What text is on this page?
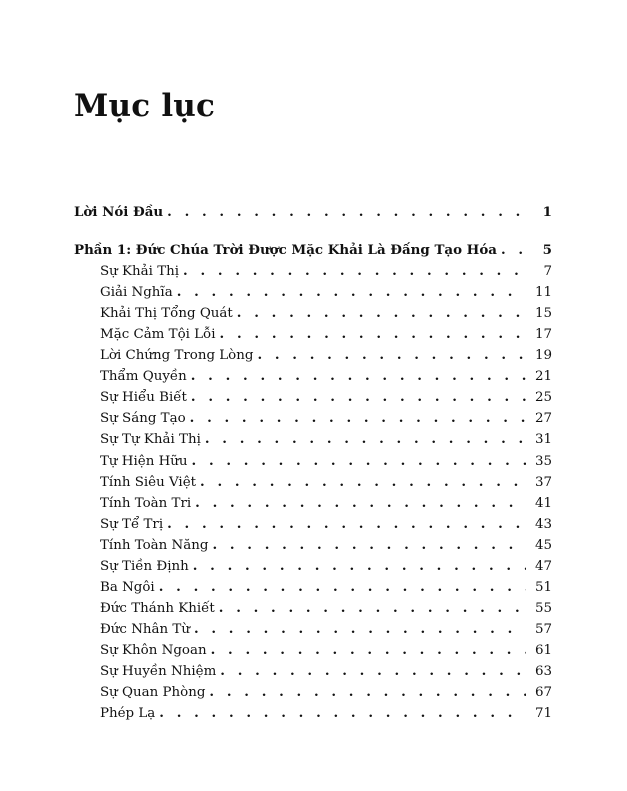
Mục lục
Lời Nói Đầu . . .	1
Phần 1: Đức Chúa Trời Được Mặc Khải Là Đấng Tạo Hóa . . .	5
Sự Khải Thị . . .	7
Giải Nghĩa . . .	11
Khải Thị Tổng Quát . . .	15
Mặc Cảm Tội Lỗi . . .	17
Lời Chứng Trong Lòng . . .	19
Thẩm Quyền . . .	21
Sự Hiểu Biết . . .	25
Sự Sáng Tạo . . .	27
Sự Tự Khải Thị . . .	31
Tự Hiện Hữu . . .	35
Tính Siêu Việt . . .	37
Tính Toàn Tri . . .	41
Sự Tể Trị . . .	43
Tính Toàn Năng . . .	45
Sự Tiền Định . . .	47
Ba Ngôi . . .	51
Đức Thánh Khiết . . .	55
Đức Nhân Từ . . .	57
Sự Khôn Ngoan . . .	61
Sự Huyền Nhiệm . . .	63
Sự Quan Phòng . . .	67
Phép Lạ . . .	71
